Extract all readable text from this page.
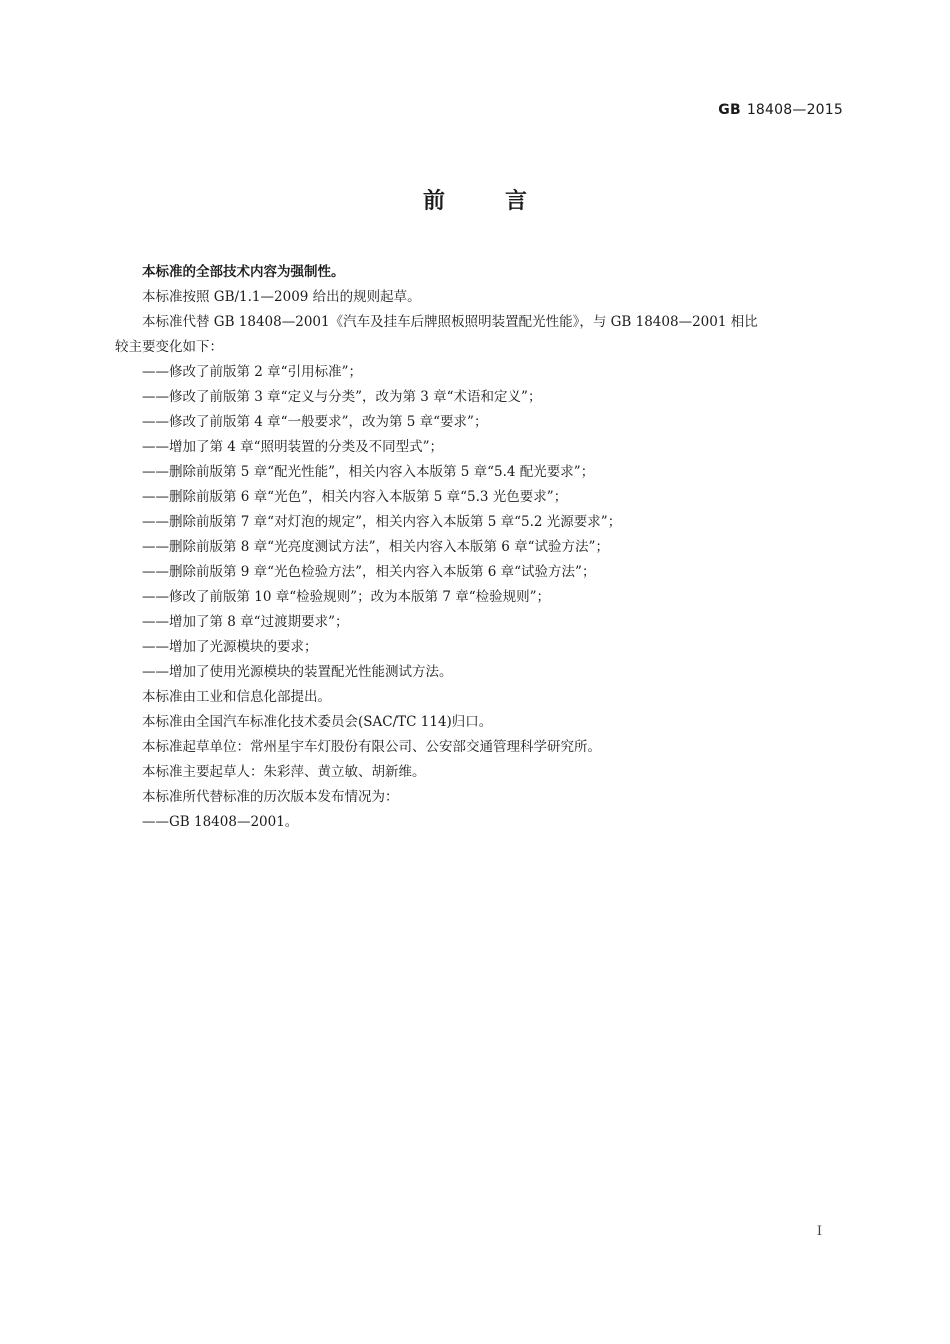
GB 18408—2015
前言

本标准的全部技术内容为强制性。

本标准按照 GB/1.1—2009 给出的规则起草。

本标准代替 GB 18408—2001《汽车及挂车后牌照板照明装置配光性能》，与 GB 18408—2001 相比

较主要变化如下：

——修改了前版第 2 章“引用标准”；

——修改了前版第 3 章“定义与分类”，改为第 3 章“术语和定义”；

——修改了前版第 4 章“一般要求”，改为第 5 章“要求”；

——增加了第 4 章“照明装置的分类及不同型式”；

——删除前版第 5 章“配光性能”，相关内容入本版第 5 章“5.4 配光要求”；

——删除前版第 6 章“光色”，相关内容入本版第 5 章“5.3 光色要求”；

——删除前版第 7 章“对灯泡的规定”，相关内容入本版第 5 章“5.2 光源要求”；

——删除前版第 8 章“光亮度测试方法”，相关内容入本版第 6 章“试验方法”；

——删除前版第 9 章“光色检验方法”，相关内容入本版第 6 章“试验方法”；

——修改了前版第 10 章“检验规则”；改为本版第 7 章“检验规则”；

——增加了第 8 章“过渡期要求”；

——增加了光源模块的要求；

——增加了使用光源模块的装置配光性能测试方法。

本标准由工业和信息化部提出。

本标准由全国汽车标准化技术委员会(SAC/TC 114)归口。

本标准起草单位：常州星宇车灯股份有限公司、公安部交通管理科学研究所。

本标准主要起草人：朱彩萍、黄立敏、胡新维。

本标准所代替标准的历次版本发布情况为：

——GB 18408—2001。

I
